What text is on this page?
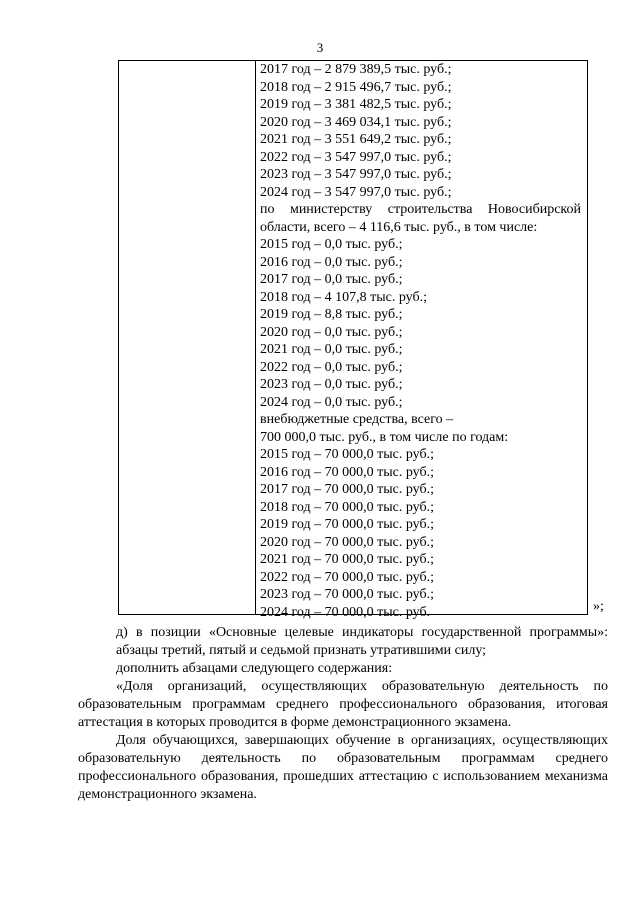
3
2017 год – 2 879 389,5 тыс. руб.;
2018 год – 2 915 496,7 тыс. руб.;
2019 год – 3 381 482,5 тыс. руб.;
2020 год – 3 469 034,1 тыс. руб.;
2021 год – 3 551 649,2 тыс. руб.;
2022 год – 3 547 997,0 тыс. руб.;
2023 год – 3 547 997,0 тыс. руб.;
2024 год – 3 547 997,0 тыс. руб.;
по министерству строительства Новосибирской
области, всего – 4 116,6 тыс. руб., в том числе:
2015 год – 0,0 тыс. руб.;
2016 год – 0,0 тыс. руб.;
2017 год – 0,0 тыс. руб.;
2018 год – 4 107,8 тыс. руб.;
2019 год – 8,8 тыс. руб.;
2020 год – 0,0 тыс. руб.;
2021 год – 0,0 тыс. руб.;
2022 год – 0,0 тыс. руб.;
2023 год – 0,0 тыс. руб.;
2024 год – 0,0 тыс. руб.;
внебюджетные средства, всего –
700 000,0 тыс. руб., в том числе по годам:
2015 год – 70 000,0 тыс. руб.;
2016 год – 70 000,0 тыс. руб.;
2017 год – 70 000,0 тыс. руб.;
2018 год – 70 000,0 тыс. руб.;
2019 год – 70 000,0 тыс. руб.;
2020 год – 70 000,0 тыс. руб.;
2021 год – 70 000,0 тыс. руб.;
2022 год – 70 000,0 тыс. руб.;
2023 год – 70 000,0 тыс. руб.;
2024 год – 70 000,0 тыс. руб.	»;

д) в позиции «Основные целевые индикаторы государственной программы»:

абзацы третий, пятый и седьмой признать утратившими силу;

дополнить абзацами следующего содержания:

«Доля организаций, осуществляющих образовательную деятельность по образовательным программам среднего профессионального образования, итоговая аттестация в которых проводится в форме демонстрационного экзамена.

Доля обучающихся, завершающих обучение в организациях, осуществляющих образовательную деятельность по образовательным программам среднего профессионального образования, прошедших аттестацию с использованием механизма демонстрационного экзамена.
